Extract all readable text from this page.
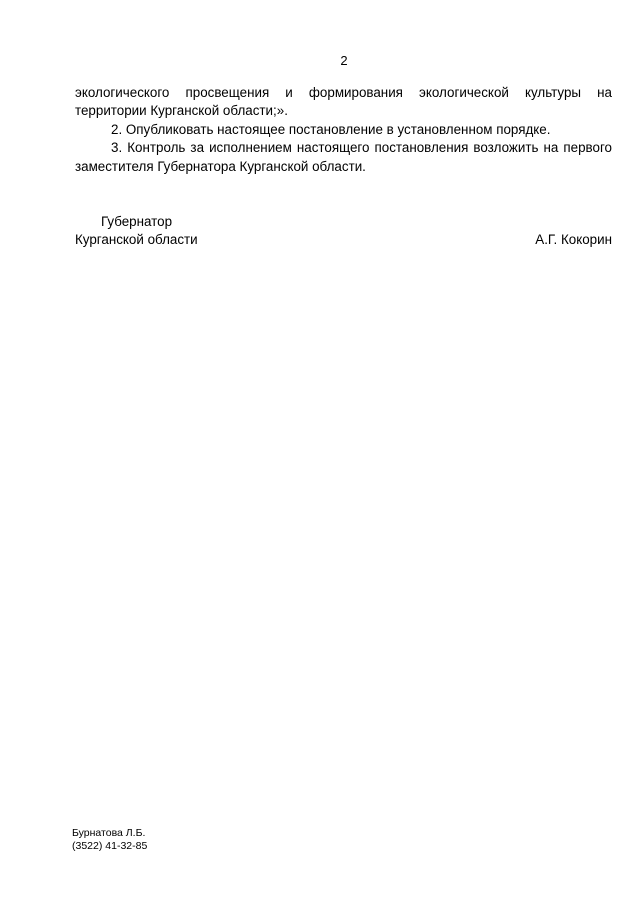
2

экологического просвещения и формирования экологической культуры на территории Курганской области;».

2. Опубликовать настоящее постановление в установленном порядке.

3. Контроль за исполнением настоящего постановления возложить на первого заместителя Губернатора Курганской области.

Губернатор
Курганской области	А.Г. Кокорин
Бурнатова Л.Б.
(3522) 41-32-85
